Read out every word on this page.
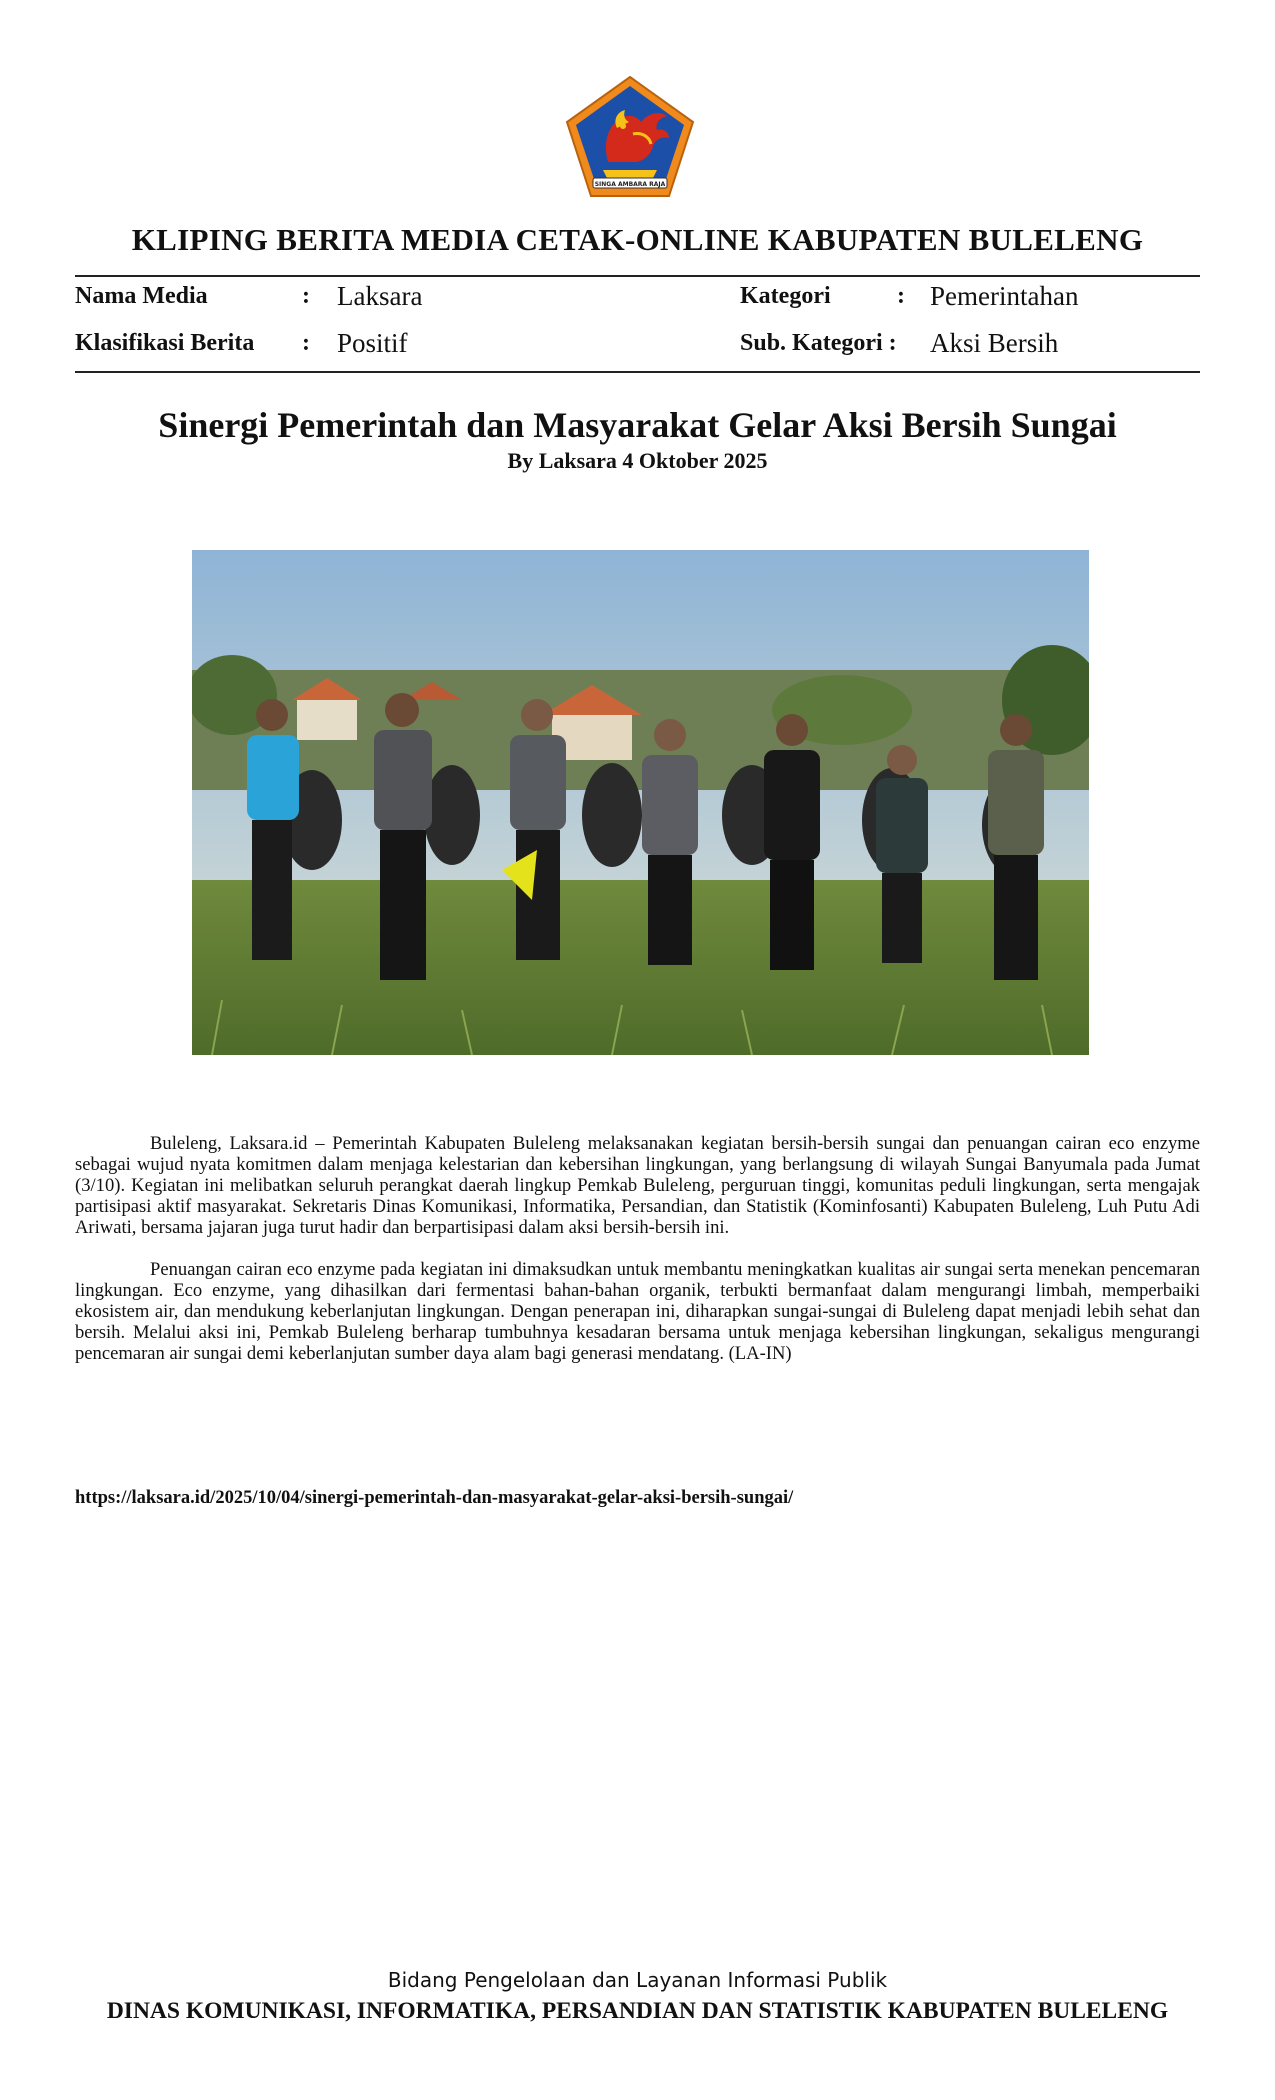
SINGA AMBARA RAJA
KLIPING BERITA MEDIA CETAK-ONLINE KABUPATEN BULELENG
Nama Media	: Laksara	Kategori	: Pemerintahan
Klasifikasi Berita : Positif	Sub. Kategori : Aksi Bersih
Sinergi Pemerintah dan Masyarakat Gelar Aksi Bersih Sungai
By Laksara 4 Oktober 2025

Buleleng, Laksara.id – Pemerintah Kabupaten Buleleng melaksanakan kegiatan bersih-bersih sungai dan penuangan cairan eco enzyme sebagai wujud nyata komitmen dalam menjaga kelestarian dan kebersihan lingkungan, yang berlangsung di wilayah Sungai Banyumala pada Jumat (3/10). Kegiatan ini melibatkan seluruh perangkat daerah lingkup Pemkab Buleleng, perguruan tinggi, komunitas peduli lingkungan, serta mengajak partisipasi aktif masyarakat. Sekretaris Dinas Komunikasi, Informatika, Persandian, dan Statistik (Kominfosanti) Kabupaten Buleleng, Luh Putu Adi Ariwati, bersama jajaran juga turut hadir dan berpartisipasi dalam aksi bersih-bersih ini.

Penuangan cairan eco enzyme pada kegiatan ini dimaksudkan untuk membantu meningkatkan kualitas air sungai serta menekan pencemaran lingkungan. Eco enzyme, yang dihasilkan dari fermentasi bahan-bahan organik, terbukti bermanfaat dalam mengurangi limbah, memperbaiki ekosistem air, dan mendukung keberlanjutan lingkungan. Dengan penerapan ini, diharapkan sungai-sungai di Buleleng dapat menjadi lebih sehat dan bersih. Melalui aksi ini, Pemkab Buleleng berharap tumbuhnya kesadaran bersama untuk menjaga kebersihan lingkungan, sekaligus mengurangi pencemaran air sungai demi keberlanjutan sumber daya alam bagi generasi mendatang. (LA-IN)

https://laksara.id/2025/10/04/sinergi-pemerintah-dan-masyarakat-gelar-aksi-bersih-sungai/
Bidang Pengelolaan dan Layanan Informasi Publik
DINAS KOMUNIKASI, INFORMATIKA, PERSANDIAN DAN STATISTIK KABUPATEN BULELENG
